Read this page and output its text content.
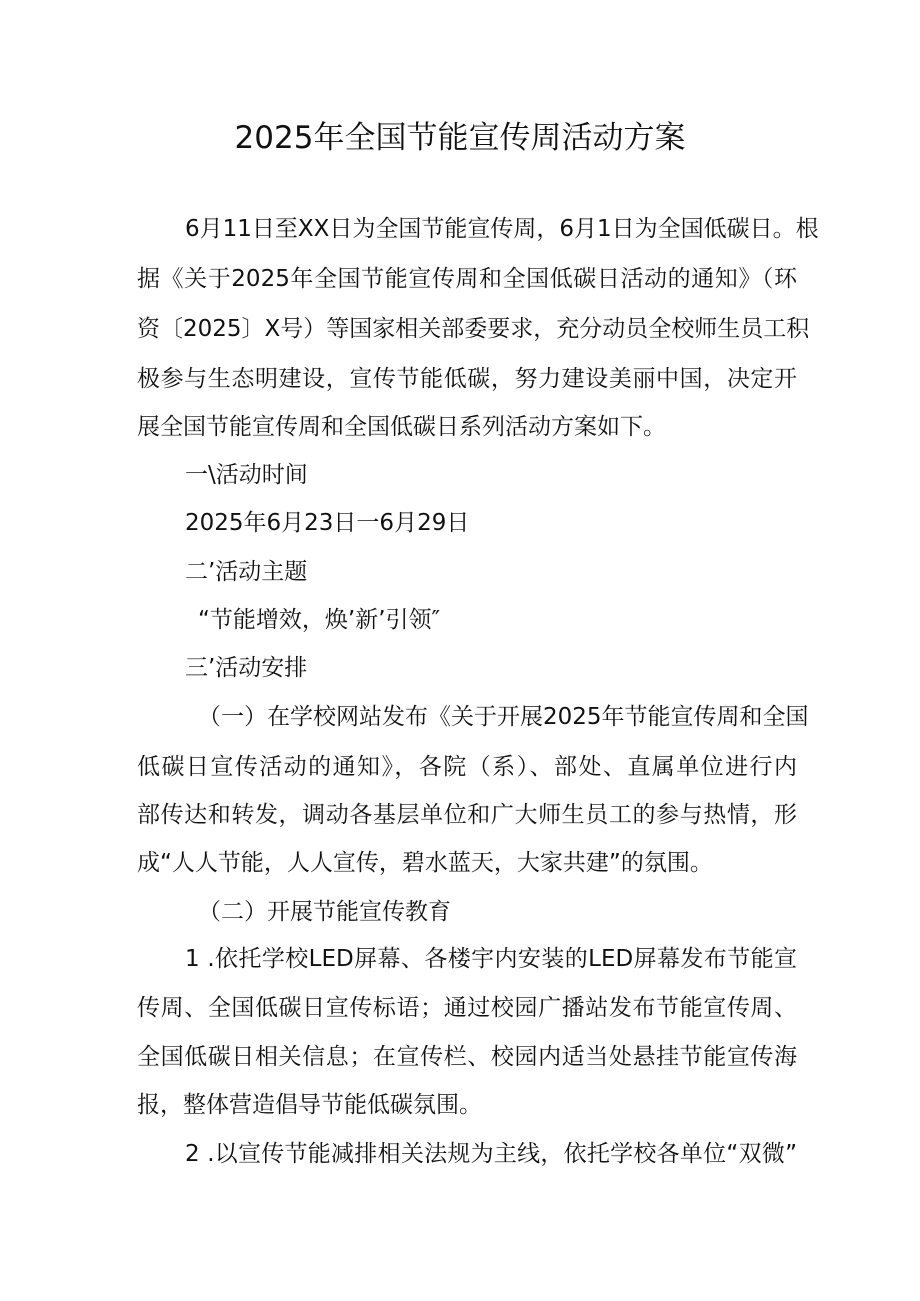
2025年全国节能宣传周活动方案

6月11日至XX日为全国节能宣传周，6月1日为全国低碳日。根

据《关于2025年全国节能宣传周和全国低碳日活动的通知》（环

资〔2025〕X号）等国家相关部委要求，充分动员全校师生员工积

极参与生态明建设，宣传节能低碳，努力建设美丽中国，决定开

展全国节能宣传周和全国低碳日系列活动方案如下。

一\活动时间

2025年6月23日一6月29日

二’活动主题

“节能增效，焕’新’引领″

三’活动安排

（一）在学校网站发布《关于开展2025年节能宣传周和全国

低碳日宣传活动的通知》，各院（系）、部处、直属单位进行内

部传达和转发，调动各基层单位和广大师生员工的参与热情，形

成“人人节能，人人宣传，碧水蓝天，大家共建”的氛围。

（二）开展节能宣传教育

1 .依托学校LED屏幕、各楼宇内安装的LED屏幕发布节能宣

传周、全国低碳日宣传标语；通过校园广播站发布节能宣传周、

全国低碳日相关信息；在宣传栏、校园内适当处悬挂节能宣传海

报，整体营造倡导节能低碳氛围。

2 .以宣传节能减排相关法规为主线，依托学校各单位“双微”
